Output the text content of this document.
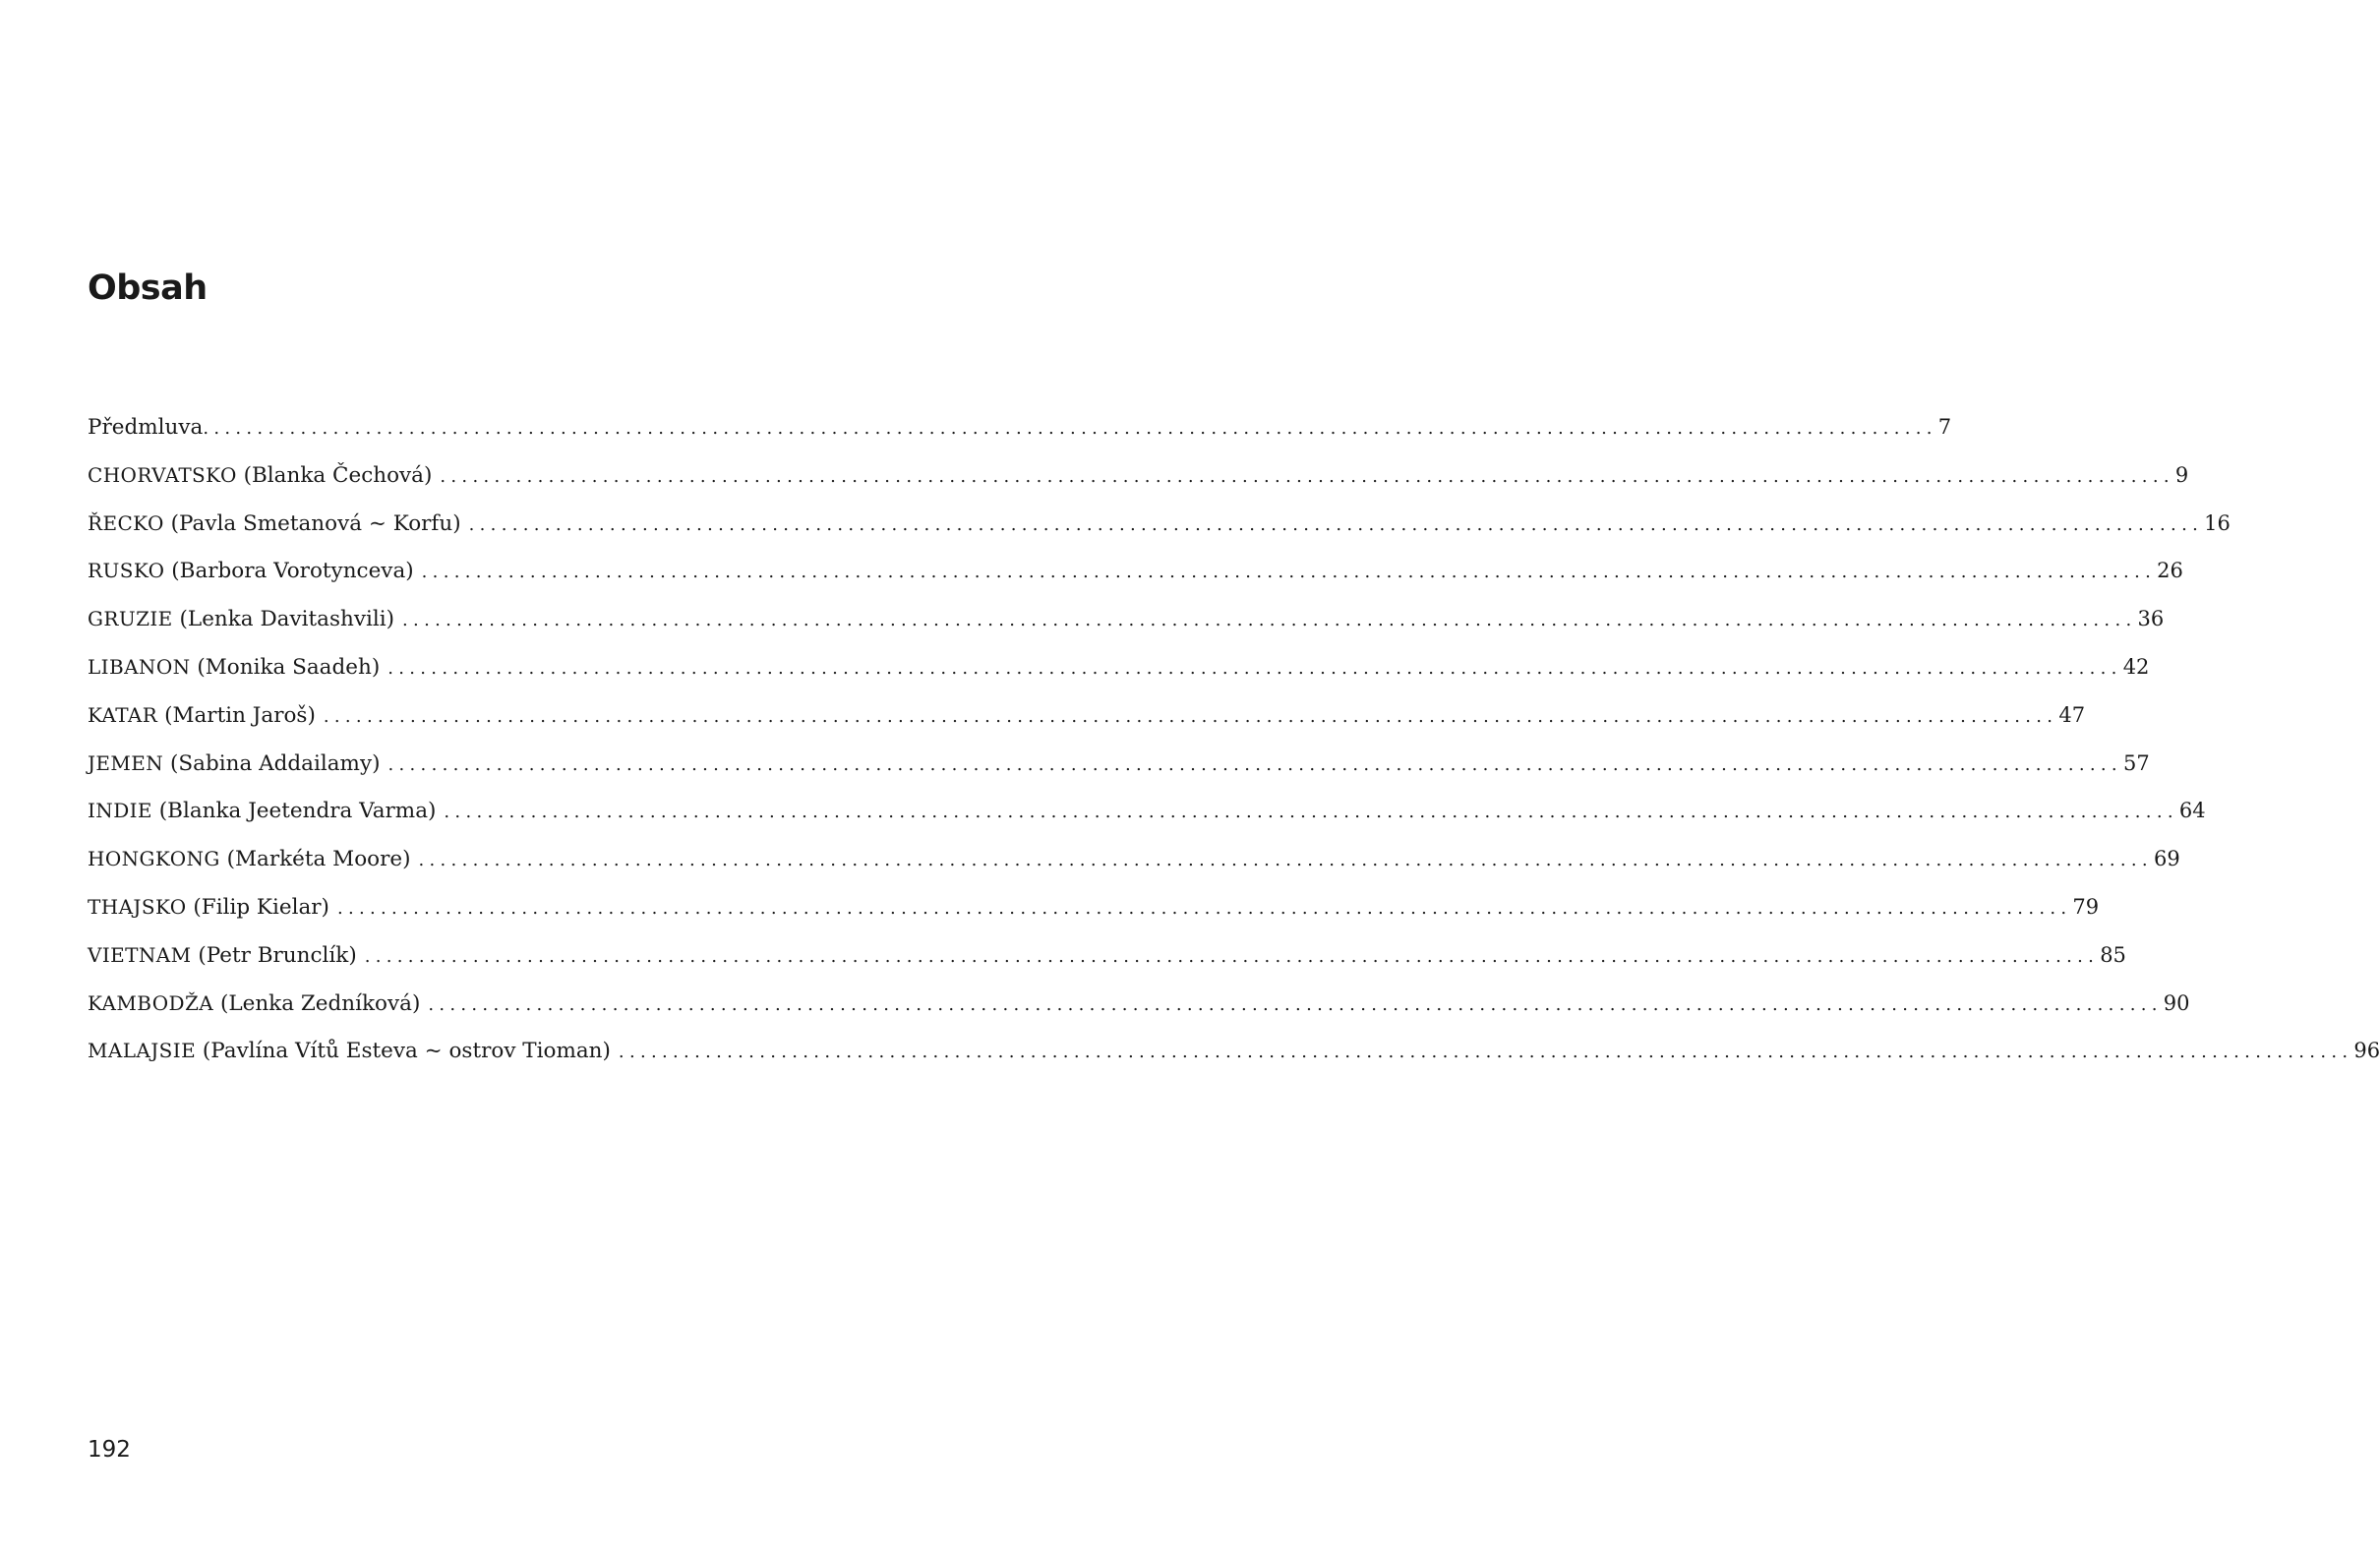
Obsah
Předmluva ................................................................................................................................................................ 7
CHORVATSKO (Blanka Čechová) ................................................................................................................................................................ 9
ŘECKO (Pavla Smetanová ~ Korfu) ................................................................................................................................................................ 16
RUSKO (Barbora Vorotynceva) ................................................................................................................................................................ 26
GRUZIE (Lenka Davitashvili) ................................................................................................................................................................ 36
LIBANON (Monika Saadeh) ................................................................................................................................................................ 42
KATAR (Martin Jaroš) ................................................................................................................................................................ 47
JEMEN (Sabina Addailamy) ................................................................................................................................................................ 57
INDIE (Blanka Jeetendra Varma) ................................................................................................................................................................ 64
HONGKONG (Markéta Moore) ................................................................................................................................................................ 69
THAJSKO (Filip Kielar) ................................................................................................................................................................ 79
VIETNAM (Petr Brunclík) ................................................................................................................................................................ 85
KAMBODŽA (Lenka Zedníková) ................................................................................................................................................................ 90
MALAJSIE (Pavlína Vítů Esteva ~ ostrov Tioman) ................................................................................................................................................................ 96
192
